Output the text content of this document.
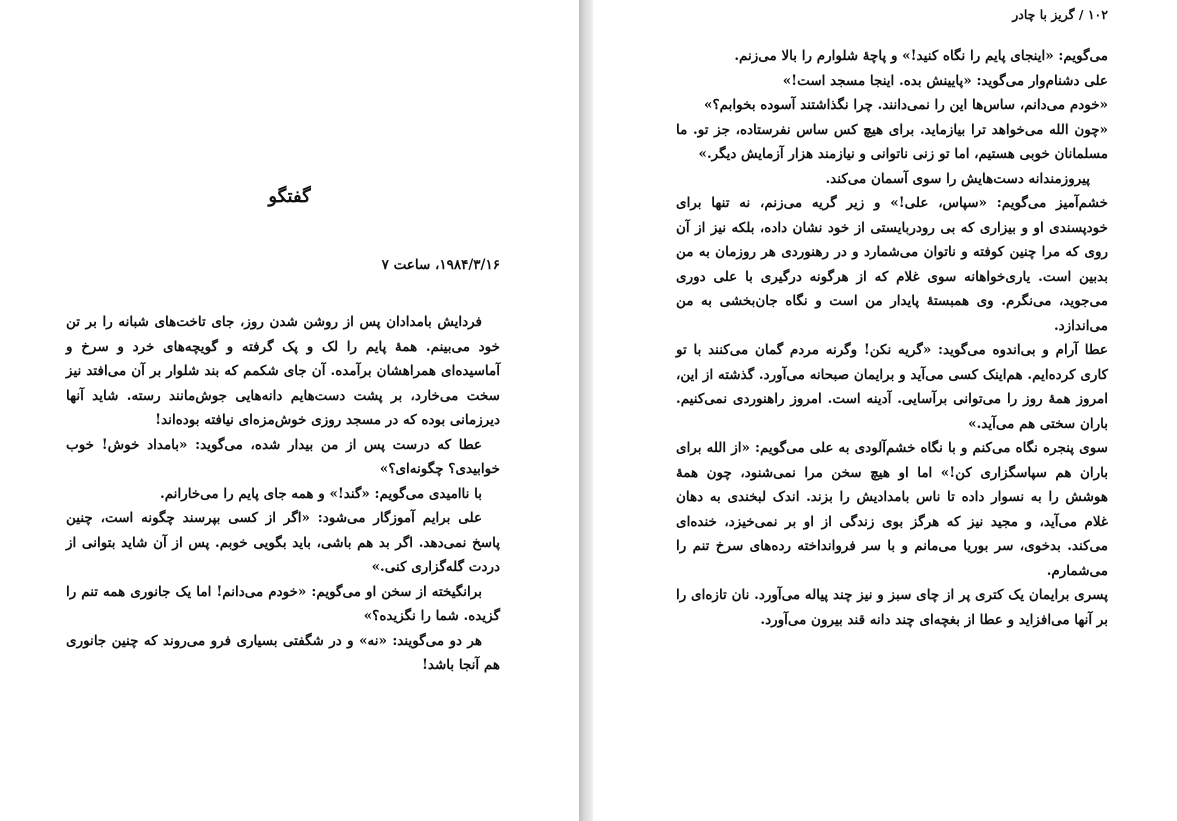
گفتگو
۱۹۸۴/۳/۱۶، ساعت ۷

فردایش بامدادان پس از روشن شدن روز، جای تاخت‌های شبانه را بر تن خود می‌بینم. همهٔ پایم را لک و پک گرفته و گویچه‌های خرد و سرخ و آماسیده‌ای همراهشان برآمده. آن جای شکمم که بند شلوار بر آن می‌افتد نیز سخت می‌خارد، بر پشت دست‌هایم دانه‌هایی جوش‌مانند رسته. شاید آنها دیرزمانی بوده که در مسجد روزی خوش‌مزه‌ای نیافته بوده‌اند!

عطا که درست پس از من بیدار شده، می‌گوید: «بامداد خوش! خوب خوابیدی؟ چگونه‌ای؟»

با ناامیدی می‌گویم: «گند!» و همه جای پایم را می‌خارانم.

علی برایم آموزگار می‌شود: «اگر از کسی بپرسند چگونه است، چنین پاسخ نمی‌دهد. اگر بد هم باشی، باید بگویی خوبم. پس از آن شاید بتوانی از دردت گله‌گزاری کنی.»

برانگیخته از سخن او می‌گویم: «خودم می‌دانم! اما یک جانوری همه تنم را گزیده. شما را نگزیده؟»

هر دو می‌گویند: «نه» و در شگفتی بسیاری فرو می‌روند که چنین جانوری هم آنجا باشد!

۱۰۲ / گریز با چادر

می‌گویم: «اینجای پایم را نگاه کنید!» و پاچهٔ شلوارم را بالا می‌زنم.

علی دشنام‌وار می‌گوید: «پایینش بده. اینجا مسجد است!»

«خودم می‌دانم، ساس‌ها این را نمی‌دانند. چرا نگذاشتند آسوده بخوابم؟»

«چون الله می‌خواهد ترا بیازماید. برای هیچ کس ساس نفرستاده، جز تو. ما مسلمانان خوبی هستیم، اما تو زنی ناتوانی و نیازمند هزار آزمایش دیگر.»

پیروزمندانه دست‌هایش را سوی آسمان می‌کند.

خشم‌آمیز می‌گویم: «سپاس، علی!» و زیر گریه می‌زنم، نه تنها برای خودپسندی او و بیزاری که بی رودربایستی از خود نشان داده، بلکه نیز از آن روی که مرا چنین کوفته و ناتوان می‌شمارد و در رهنوردی هر روزمان به من بدبین است. یاری‌خواهانه سوی غلام که از هرگونه درگیری با علی دوری می‌جوید، می‌نگرم. وی همبستهٔ پایدار من است و نگاه جان‌بخشی به من می‌اندازد.

عطا آرام و بی‌اندوه می‌گوید: «گریه نکن! وگرنه مردم گمان می‌کنند با تو کاری کرده‌ایم. هم‌اینک کسی می‌آید و برایمان صبحانه می‌آورد. گذشته از این، امروز همهٔ روز را می‌توانی برآسایی. آدینه است. امروز راهنوردی نمی‌کنیم. باران سختی هم می‌آید.»

سوی پنجره نگاه می‌کنم و با نگاه خشم‌آلودی به علی می‌گویم: «از الله برای باران هم سپاسگزاری کن!» اما او هیچ سخن مرا نمی‌شنود، چون همهٔ هوشش را به نسوار داده تا ناس بامدادیش را بزند. اندک لبخندی به دهان غلام می‌آید، و مجید نیز که هرگز بوی زندگی از او بر نمی‌خیزد، خنده‌ای می‌کند. بدخوی، سر بوریا می‌مانم و با سر فروانداخته رده‌های سرخ تنم را می‌شمارم.

پسری برایمان یک کتری پر از چای سبز و نیز چند پیاله می‌آورد. نان تازه‌ای را بر آنها می‌افزاید و عطا از بغچه‌ای چند دانه قند بیرون می‌آورد.
